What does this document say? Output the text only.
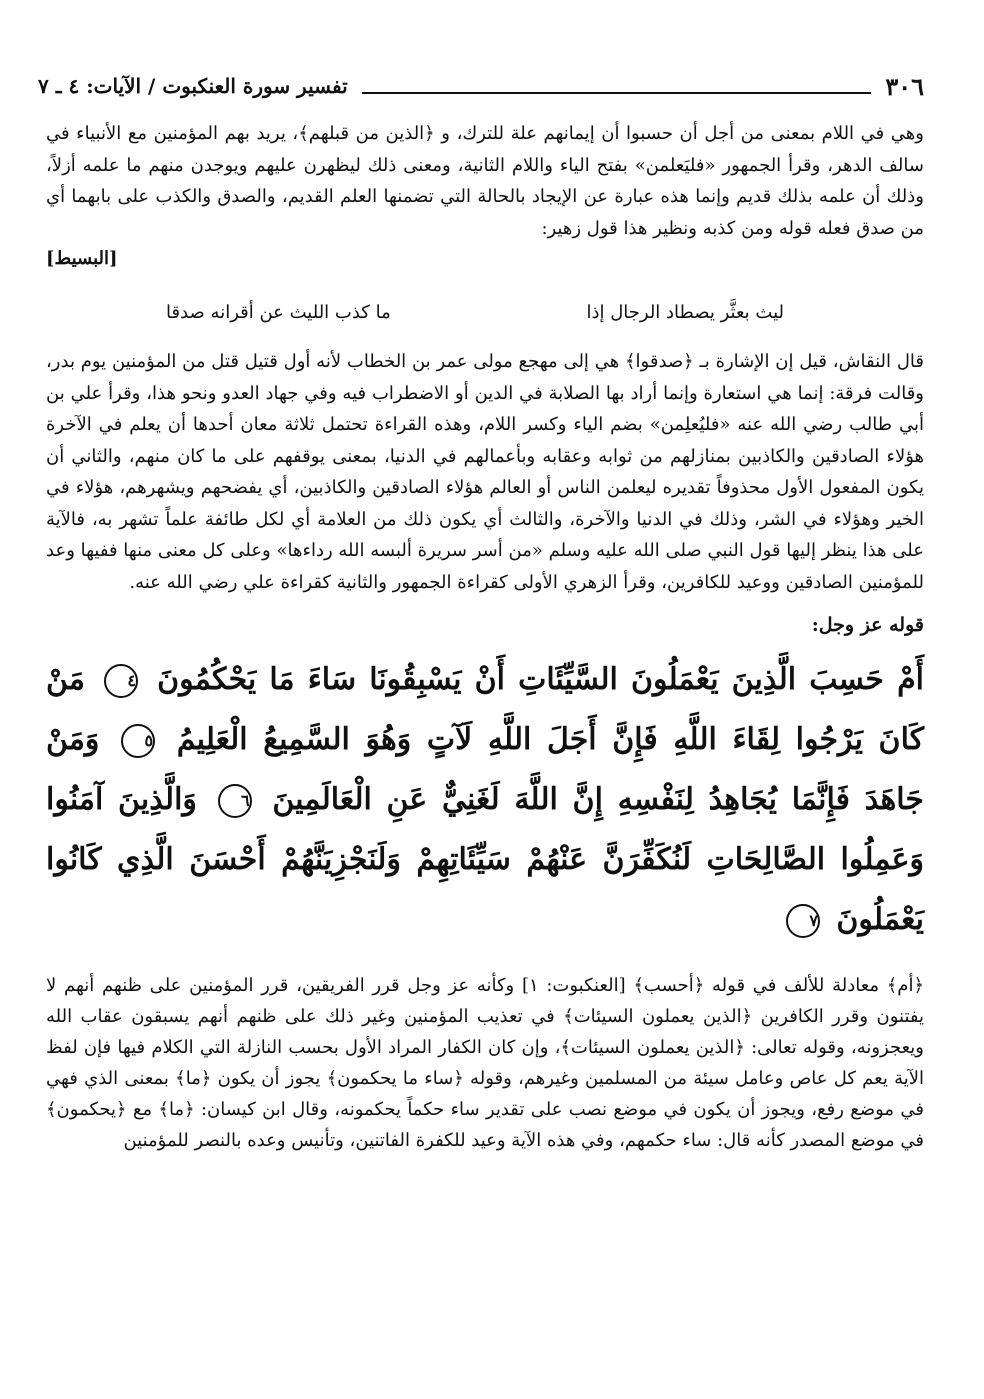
٣٠٦
تفسير سورة العنكبوت / الآيات: ٤ ـ ٧

وهي في اللام بمعنى من أجل أن حسبوا أن إيمانهم علة للترك، و ﴿الذين من قبلهم﴾، يريد بهم المؤمنين مع الأنبياء في سالف الدهر، وقرأ الجمهور «فليَعلمن» بفتح الياء واللام الثانية، ومعنى ذلك ليظهرن عليهم ويوجدن منهم ما علمه أزلاً، وذلك أن علمه بذلك قديم وإنما هذه عبارة عن الإيجاد بالحالة التي تضمنها العلم القديم، والصدق والكذب على بابهما أي من صدق فعله قوله ومن كذبه ونظير هذا قول زهير:

[البسيط]

ليث بعثَّر يصطاد الرجال إذا
ما كذب الليث عن أقرانه صدقا

قال النقاش، قيل إن الإشارة بـ ﴿صدقوا﴾ هي إلى مهجع مولى عمر بن الخطاب لأنه أول قتيل قتل من المؤمنين يوم بدر، وقالت فرقة: إنما هي استعارة وإنما أراد بها الصلابة في الدين أو الاضطراب فيه وفي جهاد العدو ونحو هذا، وقرأ علي بن أبي طالب رضي الله عنه «فليُعلِمن» بضم الياء وكسر اللام، وهذه القراءة تحتمل ثلاثة معان أحدها أن يعلم في الآخرة هؤلاء الصادقين والكاذبين بمنازلهم من ثوابه وعقابه وبأعمالهم في الدنيا، بمعنى يوقفهم على ما كان منهم، والثاني أن يكون المفعول الأول محذوفاً تقديره ليعلمن الناس أو العالم هؤلاء الصادقين والكاذبين، أي يفضحهم ويشهرهم، هؤلاء في الخير وهؤلاء في الشر، وذلك في الدنيا والآخرة، والثالث أي يكون ذلك من العلامة أي لكل طائفة علماً تشهر به، فالآية على هذا ينظر إليها قول النبي صلى الله عليه وسلم «من أسر سريرة ألبسه الله رداءها» وعلى كل معنى منها ففيها وعد للمؤمنين الصادقين ووعيد للكافرين، وقرأ الزهري الأولى كقراءة الجمهور والثانية كقراءة علي رضي الله عنه.

قوله عز وجل:
أَمْ حَسِبَ الَّذِينَ يَعْمَلُونَ السَّيِّئَاتِ أَنْ يَسْبِقُونَا سَاءَ مَا يَحْكُمُونَ ٤ مَنْ كَانَ يَرْجُوا لِقَاءَ اللَّهِ فَإِنَّ أَجَلَ اللَّهِ لَآتٍ وَهُوَ السَّمِيعُ الْعَلِيمُ ٥ وَمَنْ جَاهَدَ فَإِنَّمَا يُجَاهِدُ لِنَفْسِهِ إِنَّ اللَّهَ لَغَنِيٌّ عَنِ الْعَالَمِينَ ٦ وَالَّذِينَ آمَنُوا وَعَمِلُوا الصَّالِحَاتِ لَنُكَفِّرَنَّ عَنْهُمْ سَيِّئَاتِهِمْ وَلَنَجْزِيَنَّهُمْ أَحْسَنَ الَّذِي كَانُوا يَعْمَلُونَ ٧

﴿أم﴾ معادلة للألف في قوله ﴿أحسب﴾ [العنكبوت: ١] وكأنه عز وجل قرر الفريقين، قرر المؤمنين على ظنهم أنهم لا يفتنون وقرر الكافرين ﴿الذين يعملون السيئات﴾ في تعذيب المؤمنين وغير ذلك على ظنهم أنهم يسبقون عقاب الله ويعجزونه، وقوله تعالى: ﴿الذين يعملون السيئات﴾، وإن كان الكفار المراد الأول بحسب النازلة التي الكلام فيها فإن لفظ الآية يعم كل عاص وعامل سيئة من المسلمين وغيرهم، وقوله ﴿ساء ما يحكمون﴾ يجوز أن يكون ﴿ما﴾ بمعنى الذي فهي في موضع رفع، ويجوز أن يكون في موضع نصب على تقدير ساء حكماً يحكمونه، وقال ابن كيسان: ﴿ما﴾ مع ﴿يحكمون﴾ في موضع المصدر كأنه قال: ساء حكمهم، وفي هذه الآية وعيد للكفرة الفاتنين، وتأنيس وعده بالنصر للمؤمنين
